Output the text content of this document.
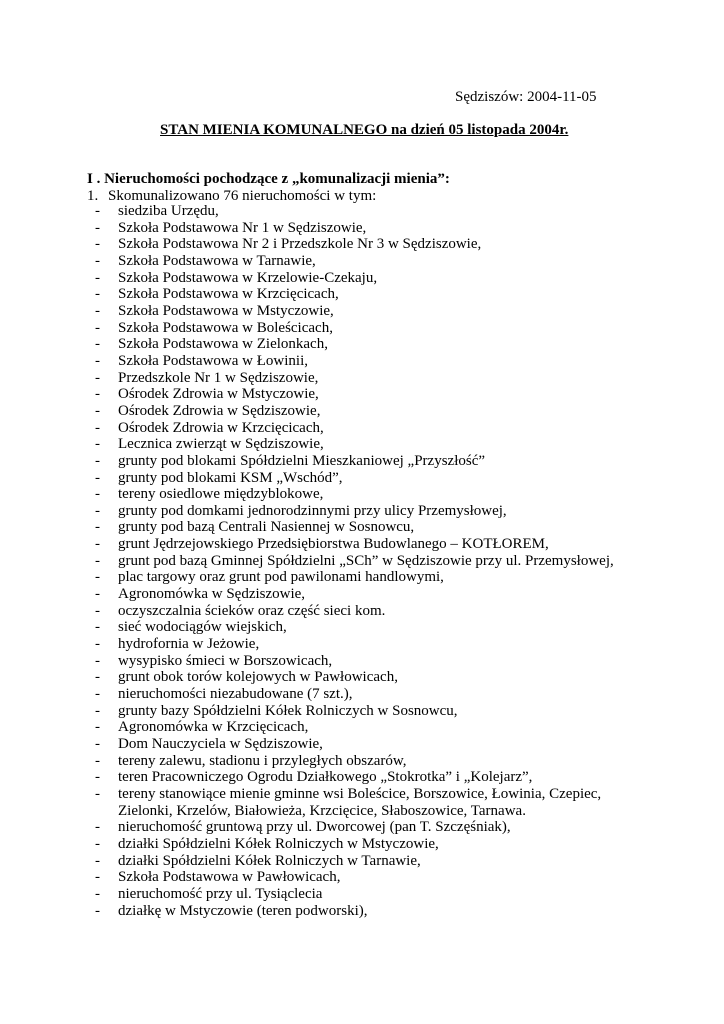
Sędziszów: 2004-11-05
STAN MIENIA KOMUNALNEGO na dzień 05 listopada 2004r.
I . Nieruchomości pochodzące z „komunalizacji mienia”:
1. Skomunalizowano 76 nieruchomości w tym:
- siedziba Urzędu,
- Szkoła Podstawowa Nr 1 w Sędziszowie,
- Szkoła Podstawowa Nr 2 i Przedszkole Nr 3 w Sędziszowie,
- Szkoła Podstawowa w Tarnawie,
- Szkoła Podstawowa w Krzelowie-Czekaju,
- Szkoła Podstawowa w Krzcięcicach,
- Szkoła Podstawowa w Mstyczowie,
- Szkoła Podstawowa w Boleścicach,
- Szkoła Podstawowa w Zielonkach,
- Szkoła Podstawowa w Łowinii,
- Przedszkole Nr 1 w Sędziszowie,
- Ośrodek Zdrowia w Mstyczowie,
- Ośrodek Zdrowia w Sędziszowie,
- Ośrodek Zdrowia w Krzcięcicach,
- Lecznica zwierząt w Sędziszowie,
- grunty pod blokami Spółdzielni Mieszkaniowej „Przyszłość”
- grunty pod blokami KSM „Wschód”,
- tereny osiedlowe międzyblokowe,
- grunty pod domkami jednorodzinnymi przy ulicy Przemysłowej,
- grunty pod bazą Centrali Nasiennej w Sosnowcu,
- grunt Jędrzejowskiego Przedsiębiorstwa Budowlanego – KOTŁOREM,
- grunt pod bazą Gminnej Spółdzielni „SCh” w Sędziszowie przy ul. Przemysłowej,
- plac targowy oraz grunt pod pawilonami handlowymi,
- Agronomówka w Sędziszowie,
- oczyszczalnia ścieków oraz część sieci kom.
- sieć wodociągów wiejskich,
- hydrofornia w Jeżowie,
- wysypisko śmieci w Borszowicach,
- grunt obok torów kolejowych w Pawłowicach,
- nieruchomości niezabudowane (7 szt.),
- grunty bazy Spółdzielni Kółek Rolniczych w Sosnowcu,
- Agronomówka w Krzcięcicach,
- Dom Nauczyciela w Sędziszowie,
- tereny zalewu, stadionu i przyległych obszarów,
- teren Pracowniczego Ogrodu Działkowego „Stokrotka” i „Kolejarz”,
- tereny stanowiące mienie gminne wsi Boleścice, Borszowice, Łowinia, Czepiec, Zielonki, Krzelów, Białowieża, Krzcięcice, Słaboszowice, Tarnawa.
- nieruchomość gruntową przy ul. Dworcowej (pan T. Szczęśniak),
- działki Spółdzielni Kółek Rolniczych w Mstyczowie,
- działki Spółdzielni Kółek Rolniczych w Tarnawie,
- Szkoła Podstawowa w Pawłowicach,
- nieruchomość przy ul. Tysiąclecia
- działkę w Mstyczowie (teren podworski),
